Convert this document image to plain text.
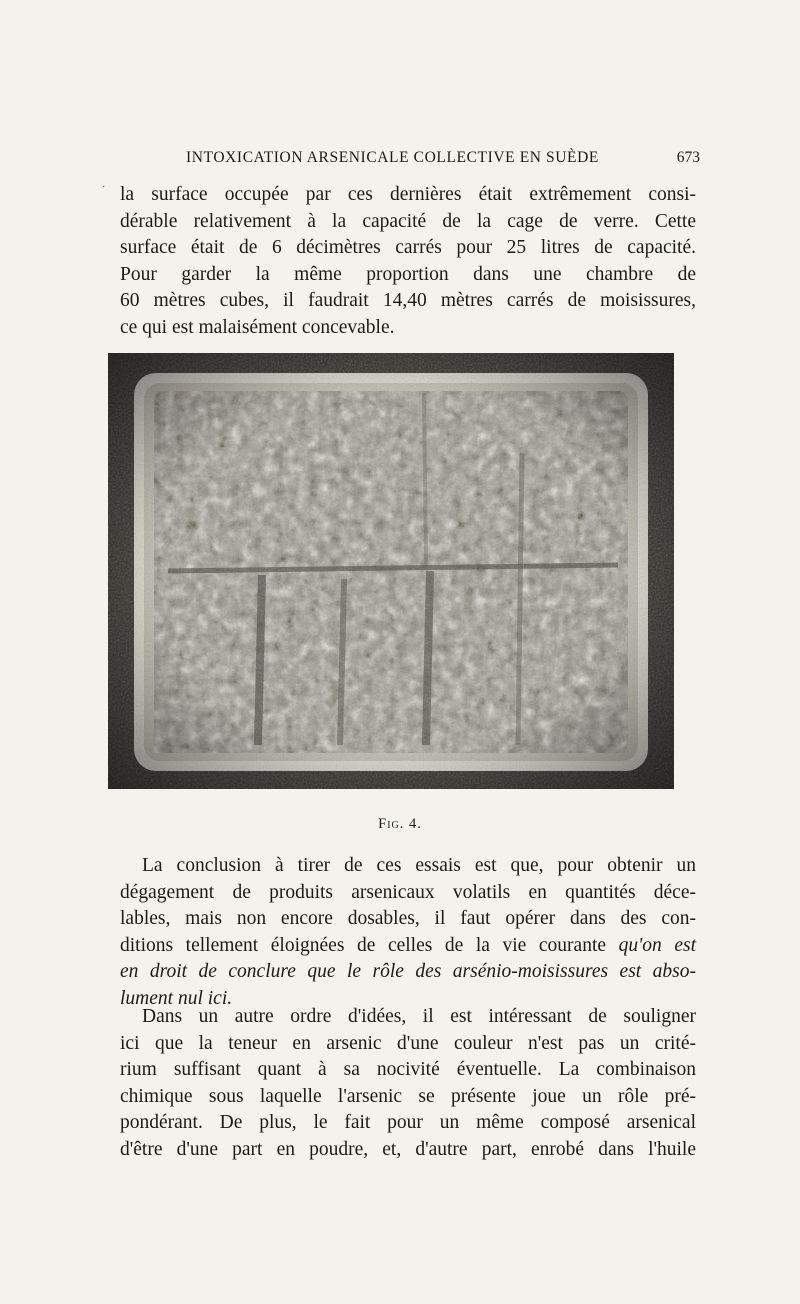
INTOXICATION ARSENICALE COLLECTIVE EN SUÈDE	673
· la surface occupée par ces dernières était extrêmement consi-
dérable relativement à la capacité de la cage de verre. Cette
surface était de 6 décimètres carrés pour 25 litres de capacité.
Pour garder la même proportion dans une chambre de
60 mètres cubes, il faudrait 14,40 mètres carrés de moisissures,
ce qui est malaisément concevable.

Fig. 4.

La conclusion à tirer de ces essais est que, pour obtenir un
dégagement de produits arsenicaux volatils en quantités déce-
lables, mais non encore dosables, il faut opérer dans des con-
ditions tellement éloignées de celles de la vie courante qu'on est
en droit de conclure que le rôle des arsénio-moisissures est abso-
lument nul ici.

Dans un autre ordre d'idées, il est intéressant de souligner
ici que la teneur en arsenic d'une couleur n'est pas un crité-
rium suffisant quant à sa nocivité éventuelle. La combinaison
chimique sous laquelle l'arsenic se présente joue un rôle pré-
pondérant. De plus, le fait pour un même composé arsenical
d'être d'une part en poudre, et, d'autre part, enrobé dans l'huile
